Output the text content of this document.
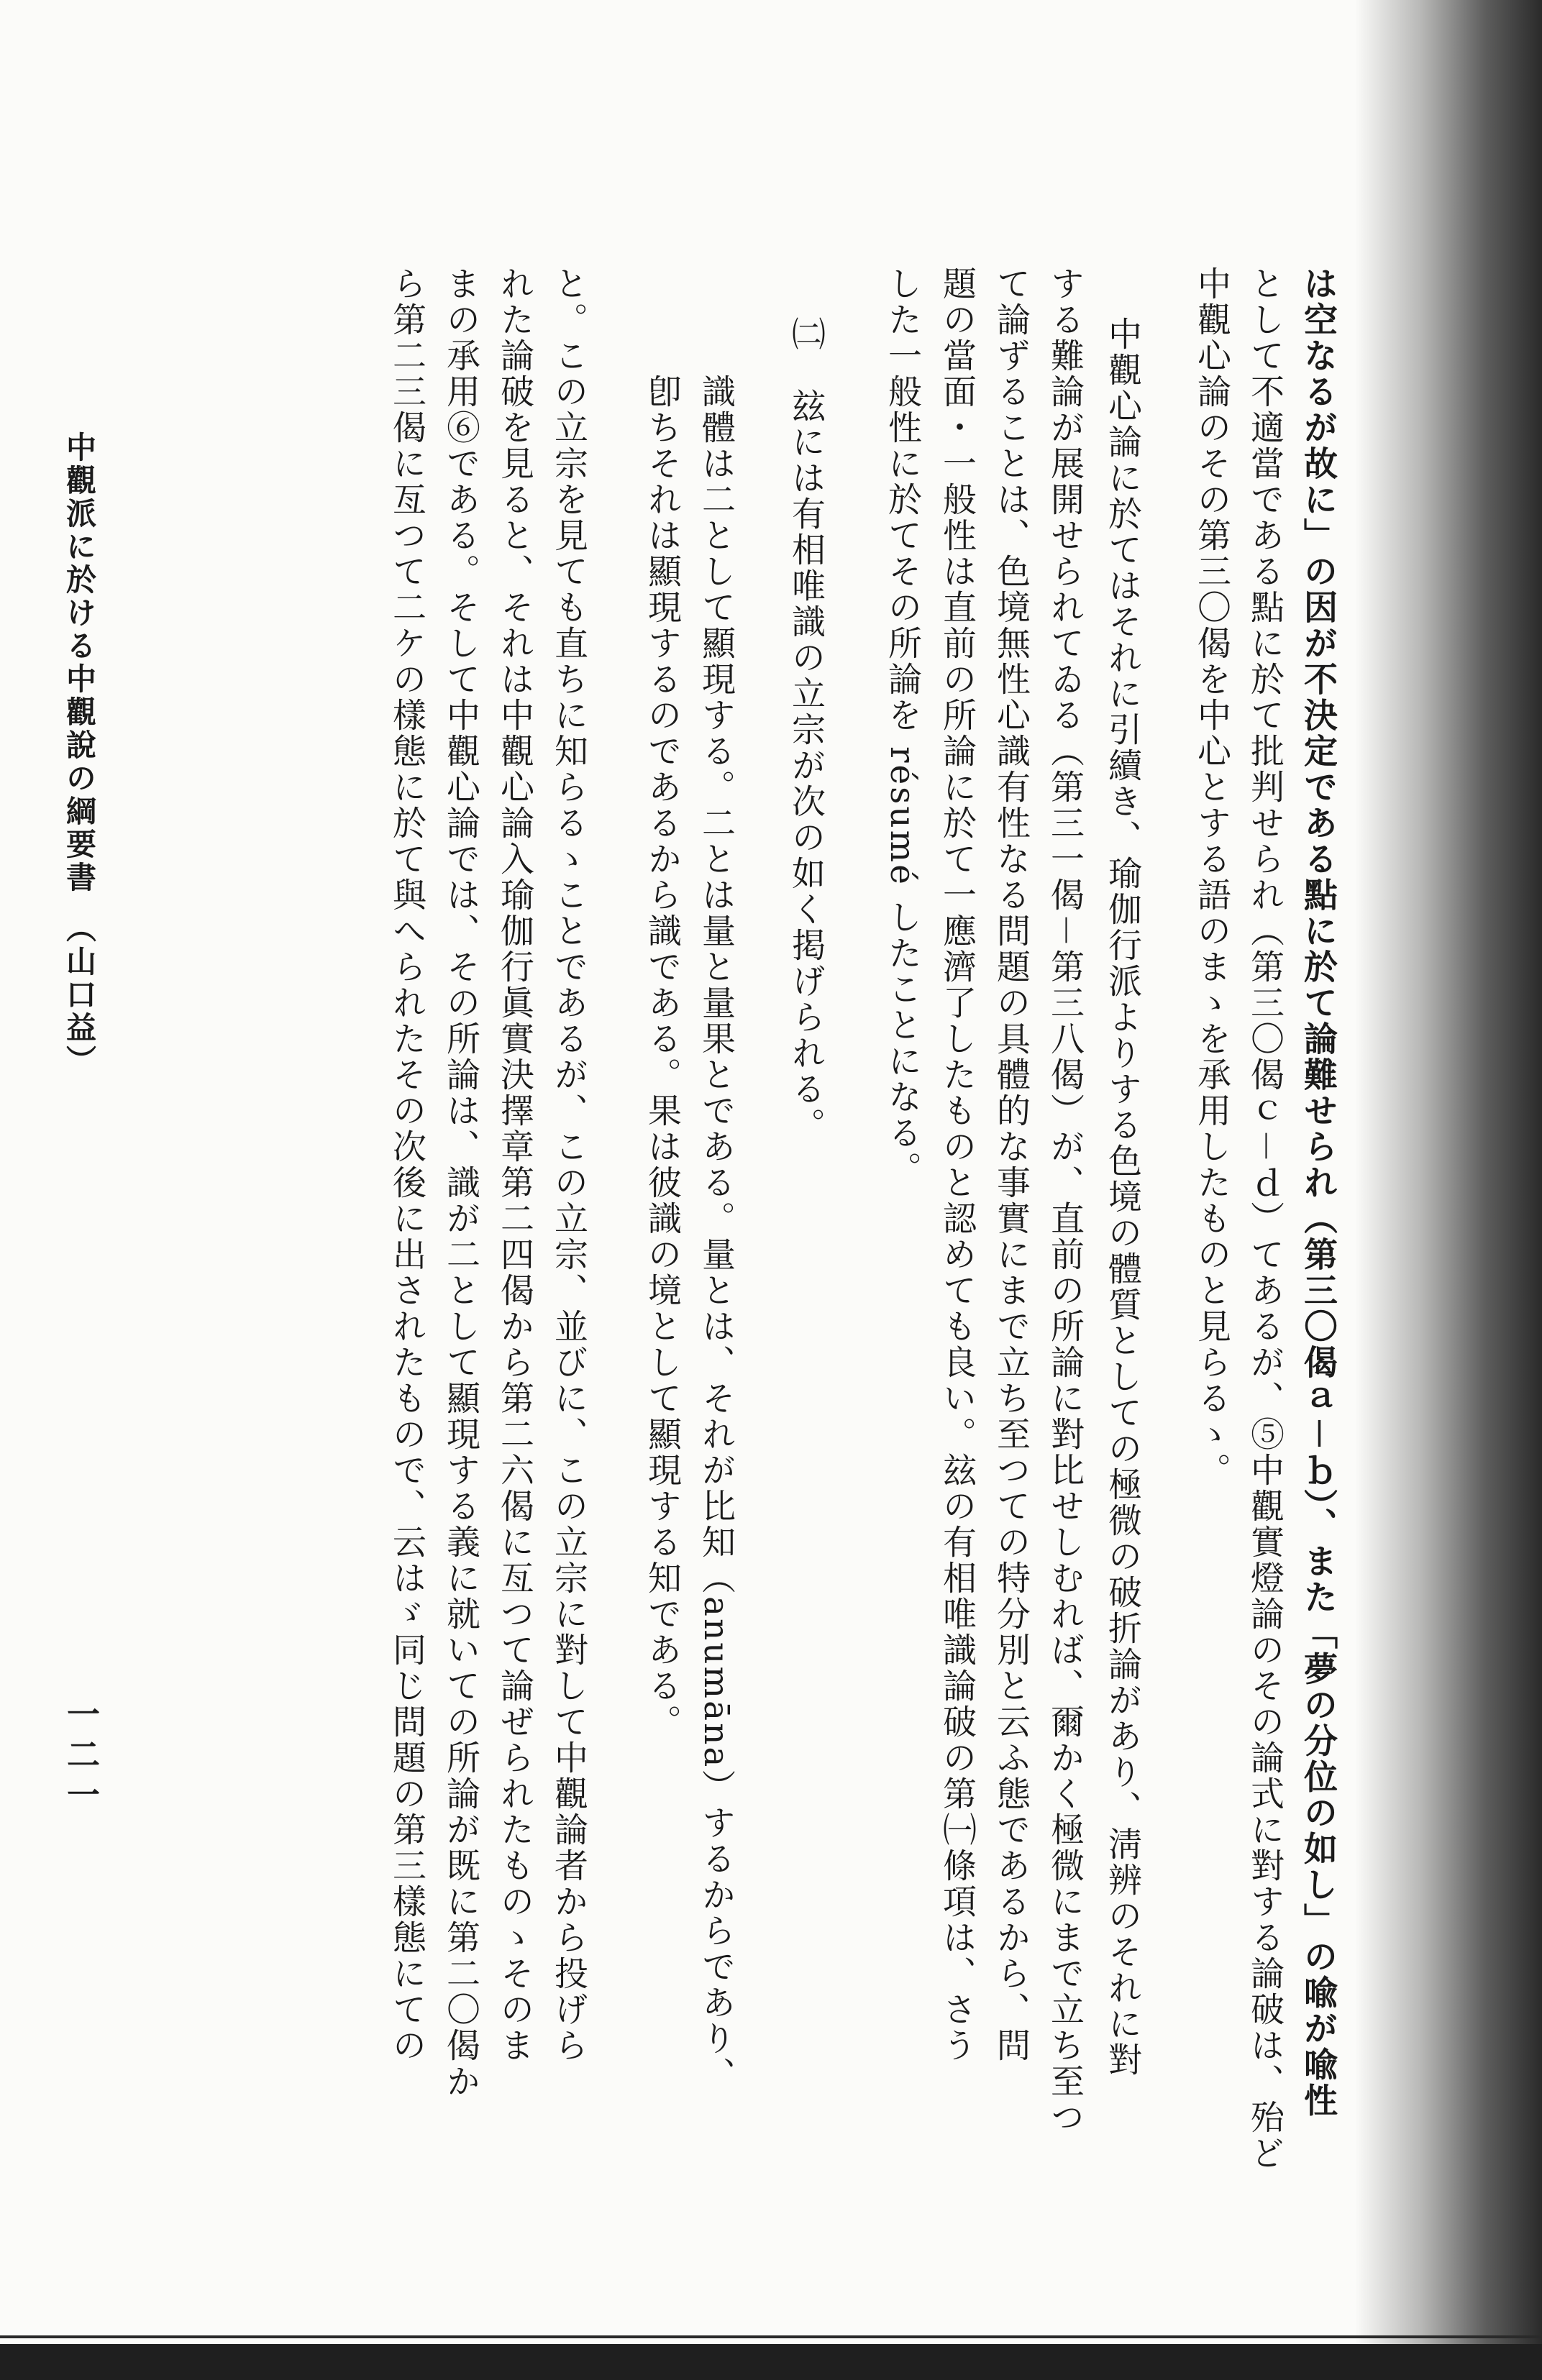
は空なるが故に」の因が不決定である點に於て論難せられ（第三〇偈ａ－ｂ）、また「夢の分位の如し」の喩が喩性

として不適當である點に於て批判せられ（第三〇偈ｃ－ｄ）てあるが、⑤中觀實燈論のその論式に對する論破は、殆ど

中觀心論のその第三〇偈を中心とする語のまゝを承用したものと見らるゝ。

中觀心論に於てはそれに引續き、瑜伽行派よりする色境の體質としての極微の破折論があり、淸辨のそれに對

する難論が展開せられてゐる（第三一偈－第三八偈）が、直前の所論に對比せしむれば、爾かく極微にまで立ち至つ

て論ずることは、色境無性心識有性なる問題の具體的な事實にまで立ち至つての特分別と云ふ態であるから、問

題の當面・一般性は直前の所論に於て一應濟了したものと認めても良い。玆の有相唯識論破の第㈠條項は、さう

した一般性に於てその所論を résumé したことになる。

㈡　玆には有相唯識の立宗が次の如く掲げられる。

識體は二として顯現する。二とは量と量果とである。量とは、それが比知（anumāna）するからであり、

卽ちそれは顯現するのであるから識である。果は彼識の境として顯現する知である。

と。この立宗を見ても直ちに知らるゝことであるが、この立宗、並びに、この立宗に對して中觀論者から投げら

れた論破を見ると、それは中觀心論入瑜伽行眞實決擇章第二四偈から第二六偈に亙つて論ぜられたものゝそのま

まの承用⑥である。そして中觀心論では、その所論は、識が二として顯現する義に就いての所論が既に第二〇偈か

ら第二三偈に亙つて二ケの樣態に於て與へられたその次後に出されたもので、云はゞ同じ問題の第三樣態にての

中觀派に於ける中觀說の綱要書　（山口益）
一二一
